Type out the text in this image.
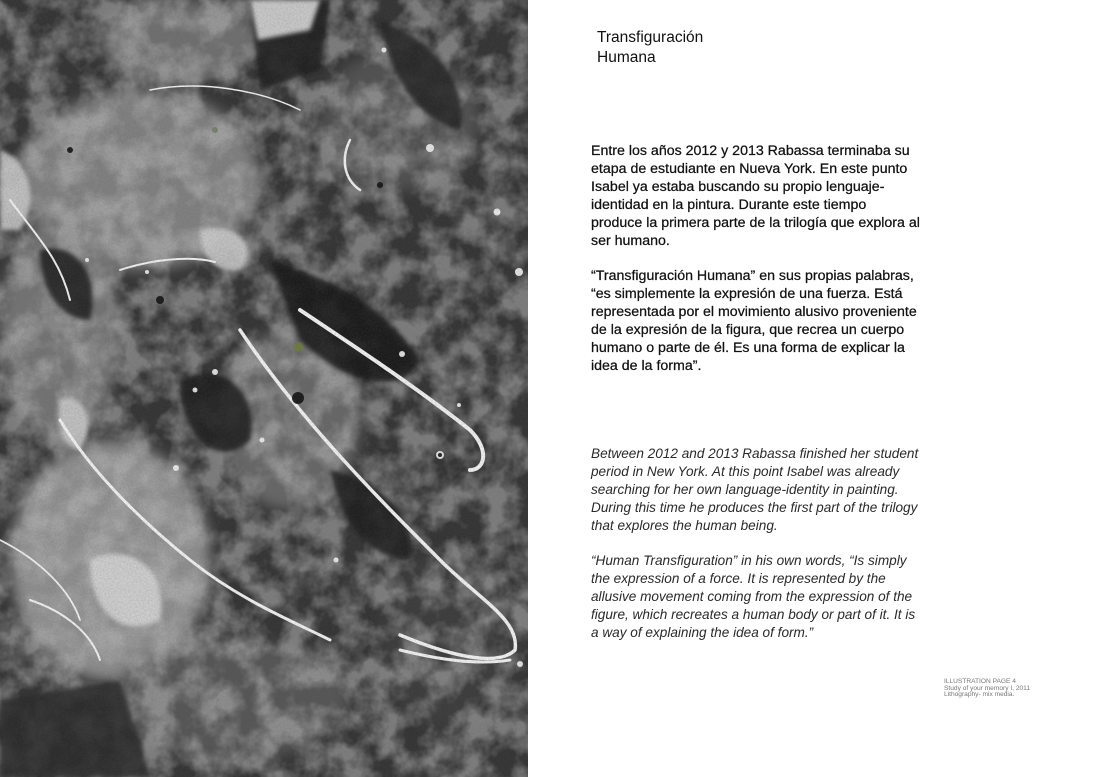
Transfiguración
Humana

Entre los años 2012 y 2013 Rabassa terminaba su etapa de estudiante en Nueva York. En este punto Isabel ya estaba buscando su propio lenguaje-identidad en la pintura. Durante este tiempo produce la primera parte de la trilogía que explora al ser humano.

“Transfiguración Humana” en sus propias palabras, “es simplemente la expresión de una fuerza. Está representada por el movimiento alusivo proveniente de la expresión de la figura, que recrea un cuerpo humano o parte de él. Es una forma de explicar la idea de la forma”.

Between 2012 and 2013 Rabassa finished her student period in New York. At this point Isabel was already searching for her own language-identity in painting. During this time he produces the first part of the trilogy that explores the human being.

“Human Transfiguration” in his own words, “Is simply the expression of a force. It is represented by the allusive movement coming from the expression of the figure, which recreates a human body or part of it. It is a way of explaining the idea of form.”

ILLUSTRATION PAGE 4
Study of your memory I, 2011
Lithography- mix media.
